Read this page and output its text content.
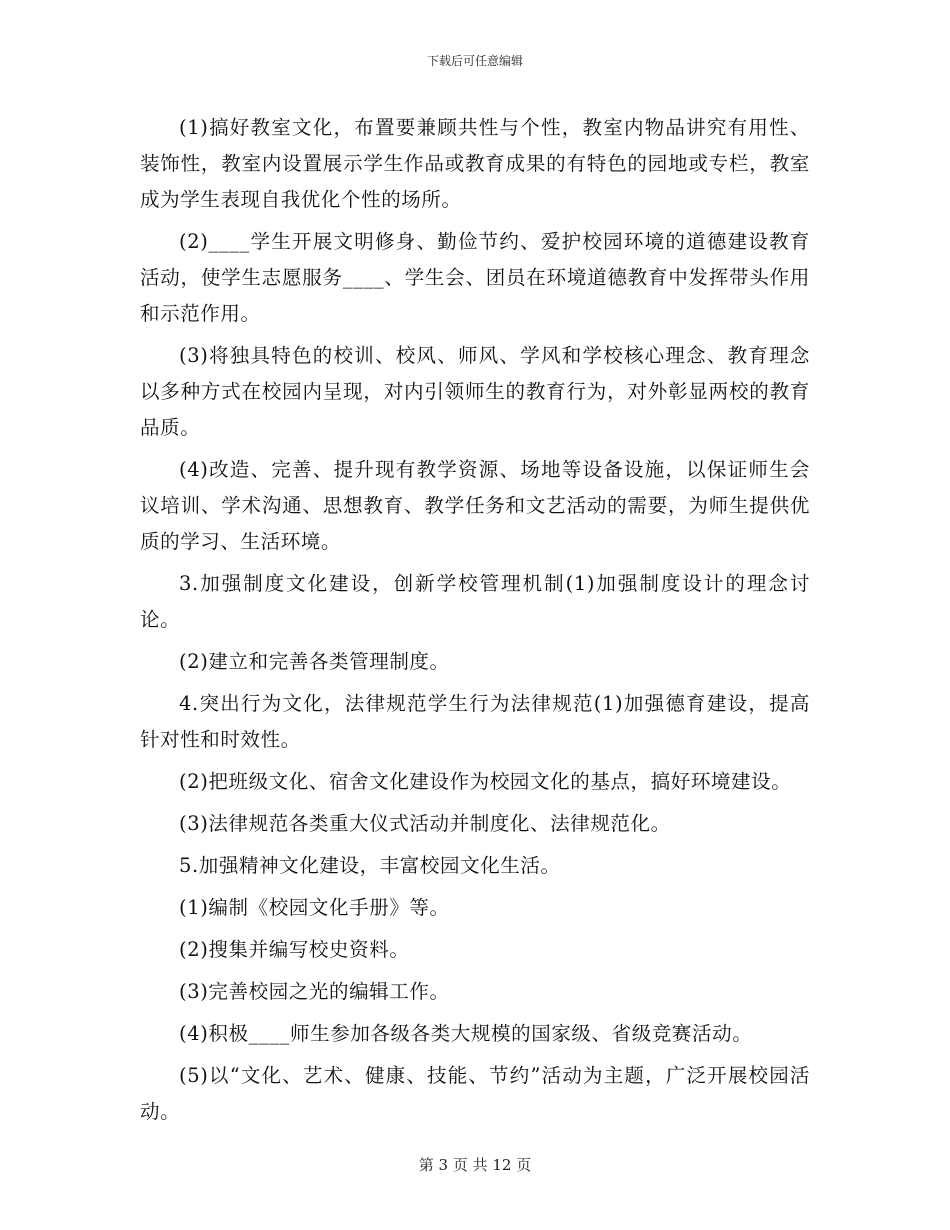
下载后可任意编辑

(1)搞好教室文化，布置要兼顾共性与个性，教室内物品讲究有用性、装饰性，教室内设置展示学生作品或教育成果的有特色的园地或专栏，教室成为学生表现自我优化个性的场所。

(2)____学生开展文明修身、勤俭节约、爱护校园环境的道德建设教育活动，使学生志愿服务____、学生会、团员在环境道德教育中发挥带头作用和示范作用。

(3)将独具特色的校训、校风、师风、学风和学校核心理念、教育理念以多种方式在校园内呈现，对内引领师生的教育行为，对外彰显两校的教育品质。

(4)改造、完善、提升现有教学资源、场地等设备设施，以保证师生会议培训、学术沟通、思想教育、教学任务和文艺活动的需要，为师生提供优质的学习、生活环境。

3.加强制度文化建设，创新学校管理机制(1)加强制度设计的理念讨论。

(2)建立和完善各类管理制度。

4.突出行为文化，法律规范学生行为法律规范(1)加强德育建设，提高针对性和时效性。

(2)把班级文化、宿舍文化建设作为校园文化的基点，搞好环境建设。

(3)法律规范各类重大仪式活动并制度化、法律规范化。

5.加强精神文化建设，丰富校园文化生活。

(1)编制《校园文化手册》等。

(2)搜集并编写校史资料。

(3)完善校园之光的编辑工作。

(4)积极____师生参加各级各类大规模的国家级、省级竞赛活动。

(5)以“文化、艺术、健康、技能、节约”活动为主题，广泛开展校园活动。

第 3 页 共 12 页
